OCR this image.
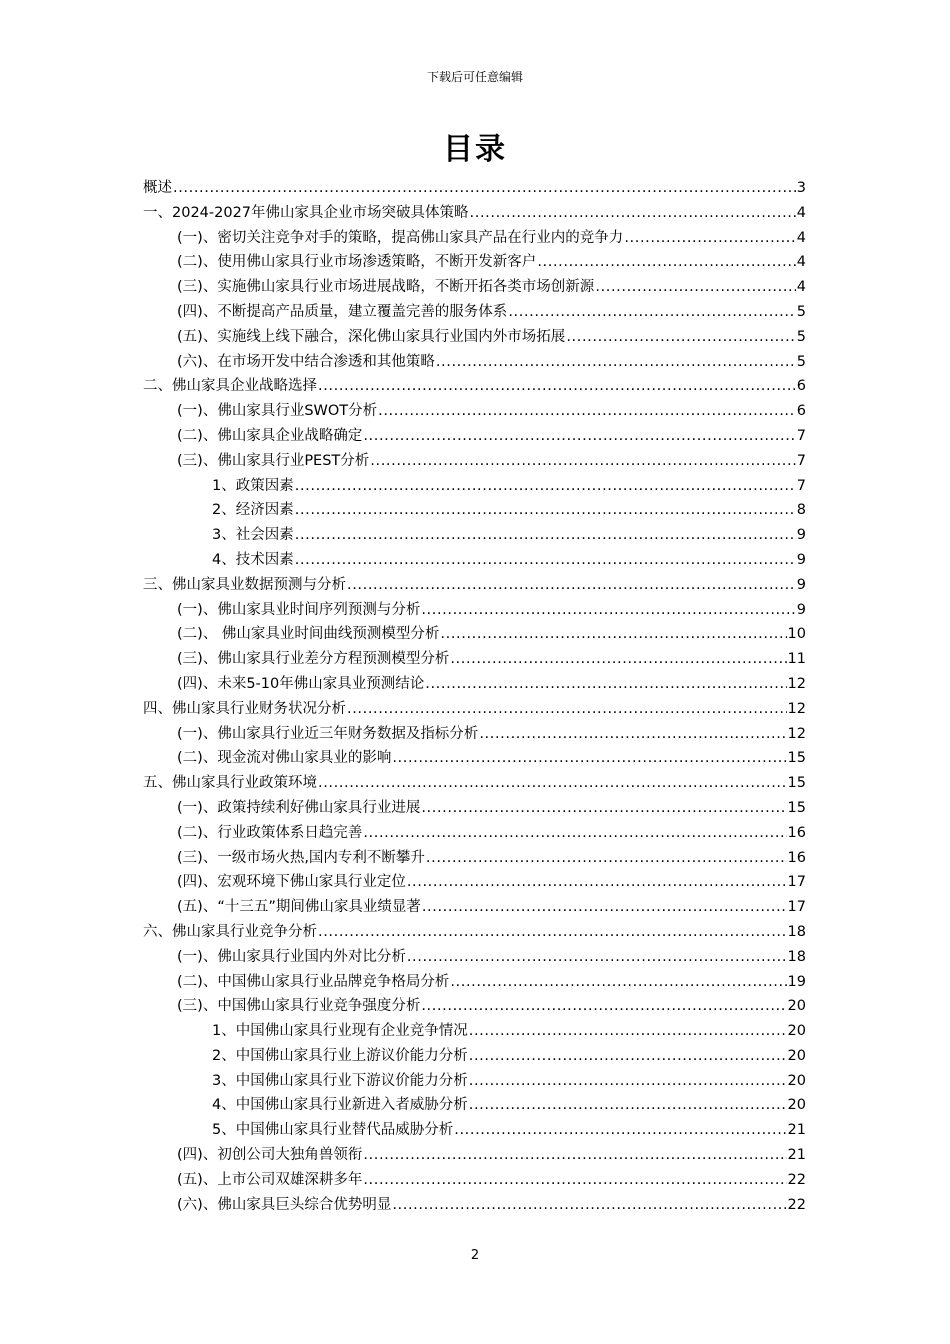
下载后可任意编辑
目录
概述 .....	3
一、2024-2027年佛山家具企业市场突破具体策略 .....	4
(一)、密切关注竞争对手的策略，提高佛山家具产品在行业内的竞争力 .....	4
(二)、使用佛山家具行业市场渗透策略，不断开发新客户 .....	4
(三)、实施佛山家具行业市场进展战略，不断开拓各类市场创新源 .....	4
(四)、不断提高产品质量，建立覆盖完善的服务体系 .....	5
(五)、实施线上线下融合，深化佛山家具行业国内外市场拓展 .....	5
(六)、在市场开发中结合渗透和其他策略 .....	5
二、佛山家具企业战略选择 .....	6
(一)、佛山家具行业SWOT分析 .....	6
(二)、佛山家具企业战略确定 .....	7
(三)、佛山家具行业PEST分析 .....	7
1、政策因素 .....	7
2、经济因素 .....	8
3、社会因素 .....	9
4、技术因素 .....	9
三、佛山家具业数据预测与分析 .....	9
(一)、佛山家具业时间序列预测与分析 .....	9
(二)、 佛山家具业时间曲线预测模型分析 .....	10
(三)、佛山家具行业差分方程预测模型分析 .....	11
(四)、未来5-10年佛山家具业预测结论 .....	12
四、佛山家具行业财务状况分析 .....	12
(一)、佛山家具行业近三年财务数据及指标分析 .....	12
(二)、现金流对佛山家具业的影响 .....	15
五、佛山家具行业政策环境 .....	15
(一)、政策持续利好佛山家具行业进展 .....	15
(二)、行业政策体系日趋完善 .....	16
(三)、一级市场火热,国内专利不断攀升 .....	16
(四)、宏观环境下佛山家具行业定位 .....	17
(五)、“十三五”期间佛山家具业绩显著 .....	17
六、佛山家具行业竞争分析 .....	18
(一)、佛山家具行业国内外对比分析 .....	18
(二)、中国佛山家具行业品牌竞争格局分析 .....	19
(三)、中国佛山家具行业竞争强度分析 .....	20
1、中国佛山家具行业现有企业竞争情况 .....	20
2、中国佛山家具行业上游议价能力分析 .....	20
3、中国佛山家具行业下游议价能力分析 .....	20
4、中国佛山家具行业新进入者威胁分析 .....	20
5、中国佛山家具行业替代品威胁分析 .....	21
(四)、初创公司大独角兽领衔 .....	21
(五)、上市公司双雄深耕多年 .....	22
(六)、佛山家具巨头综合优势明显 .....	22
2
